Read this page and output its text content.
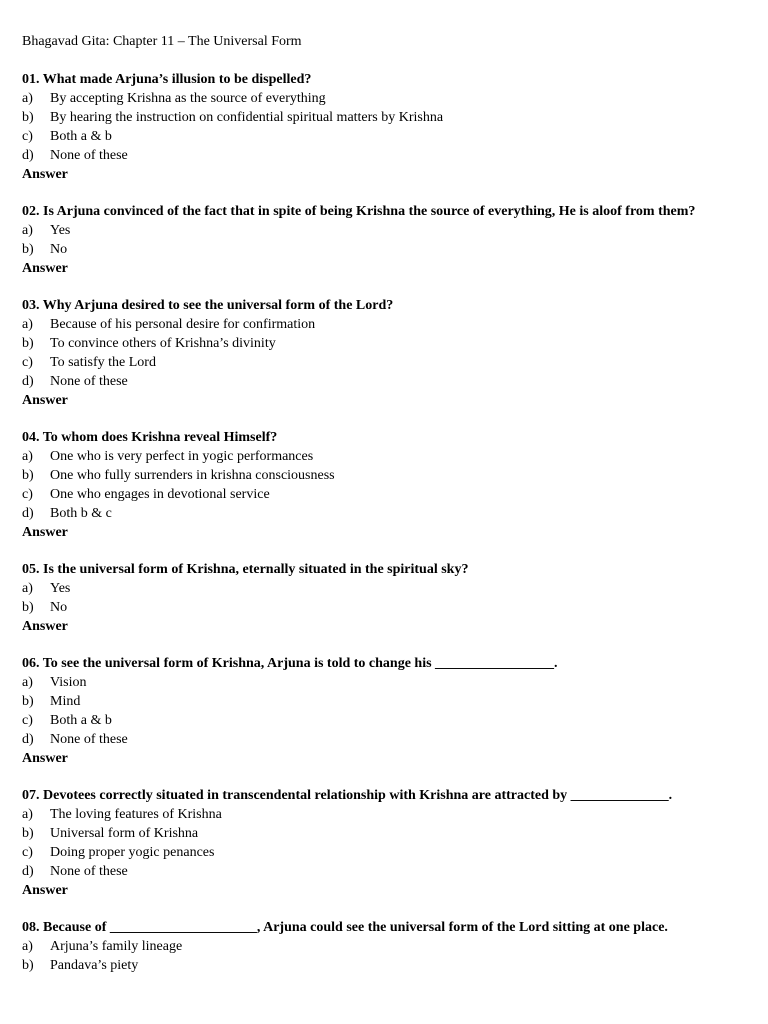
Bhagavad Gita: Chapter 11 – The Universal Form
01. What made Arjuna’s illusion to be dispelled?
a)	By accepting Krishna as the source of everything
b)	By hearing the instruction on confidential spiritual matters by Krishna
c)	Both a & b
d)	None of these
Answer
02. Is Arjuna convinced of the fact that in spite of being Krishna the source of everything, He is aloof from them?
a)	Yes
b)	No
Answer
03. Why Arjuna desired to see the universal form of the Lord?
a)	Because of his personal desire for confirmation
b)	To convince others of Krishna’s divinity
c)	To satisfy the Lord
d)	None of these
Answer
04. To whom does Krishna reveal Himself?
a)	One who is very perfect in yogic performances
b)	One who fully surrenders in krishna consciousness
c)	One who engages in devotional service
d)	Both b & c
Answer
05. Is the universal form of Krishna, eternally situated in the spiritual sky?
a)	Yes
b)	No
Answer
06. To see the universal form of Krishna, Arjuna is told to change his _________________.
a)	Vision
b)	Mind
c)	Both a & b
d)	None of these
Answer
07. Devotees correctly situated in transcendental relationship with Krishna are attracted by ______________.
a)	The loving features of Krishna
b)	Universal form of Krishna
c)	Doing proper yogic penances
d)	None of these
Answer
08. Because of _____________________, Arjuna could see the universal form of the Lord sitting at one place.
a)	Arjuna’s family lineage
b)	Pandava’s piety
